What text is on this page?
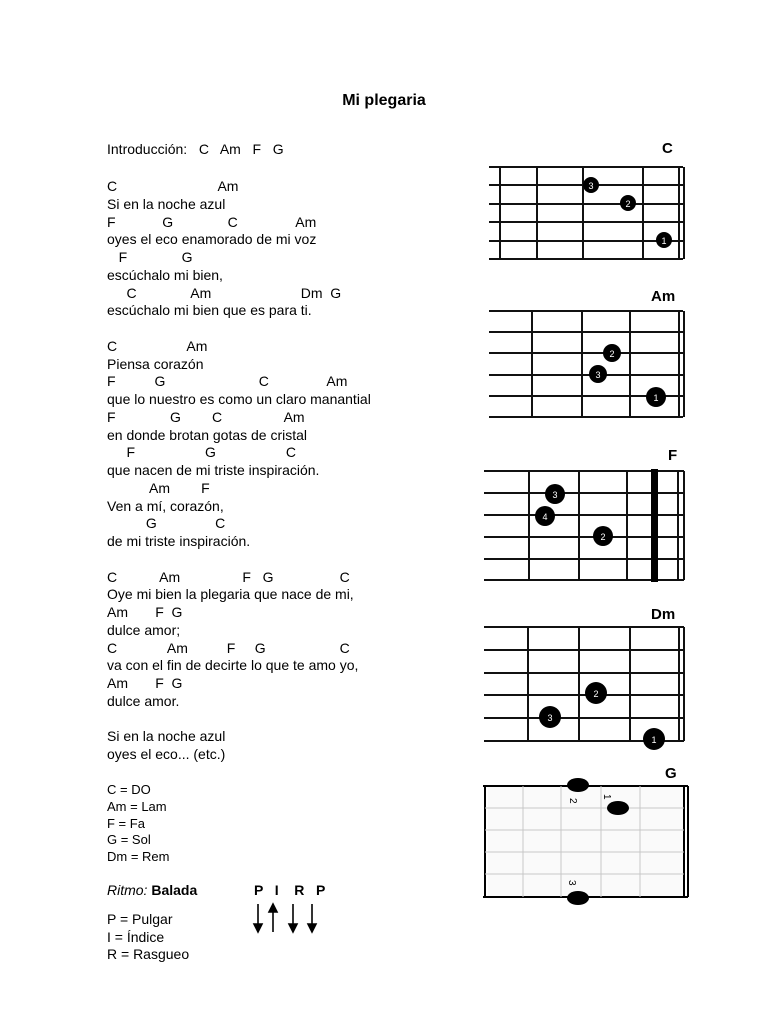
Mi plegaria
Introducción:   C   Am   F   G
C                          Am
Si en la noche azul
F            G              C               Am
oyes el eco enamorado de mi voz
F              G
escúchalo mi bien,
C              Am                       Dm  G
escúchalo mi bien que es para ti.
C                  Am
Piensa corazón
F          G                        C               Am
que lo nuestro es como un claro manantial
F              G        C                Am
en donde brotan gotas de cristal
F                  G                  C
que nacen de mi triste inspiración.
Am        F
Ven a mí, corazón,
G               C
de mi triste inspiración.
C           Am                F   G                 C
Oye mi bien la plegaria que nace de mi,
Am       F  G
dulce amor;
C             Am          F     G                   C
va con el fin de decirte lo que te amo yo,
Am       F  G
dulce amor.
Si en la noche azul
oyes el eco... (etc.)
C = DO
Am = Lam
F = Fa
G = Sol
Dm = Rem
Ritmo: Balada	P   I    R   P
P = Pulgar
I = Índice
R = Rasgueo
C
Am
F
Dm
G
3
2
1
2
3
1
3
4
2
2
3
1
2
1
3
